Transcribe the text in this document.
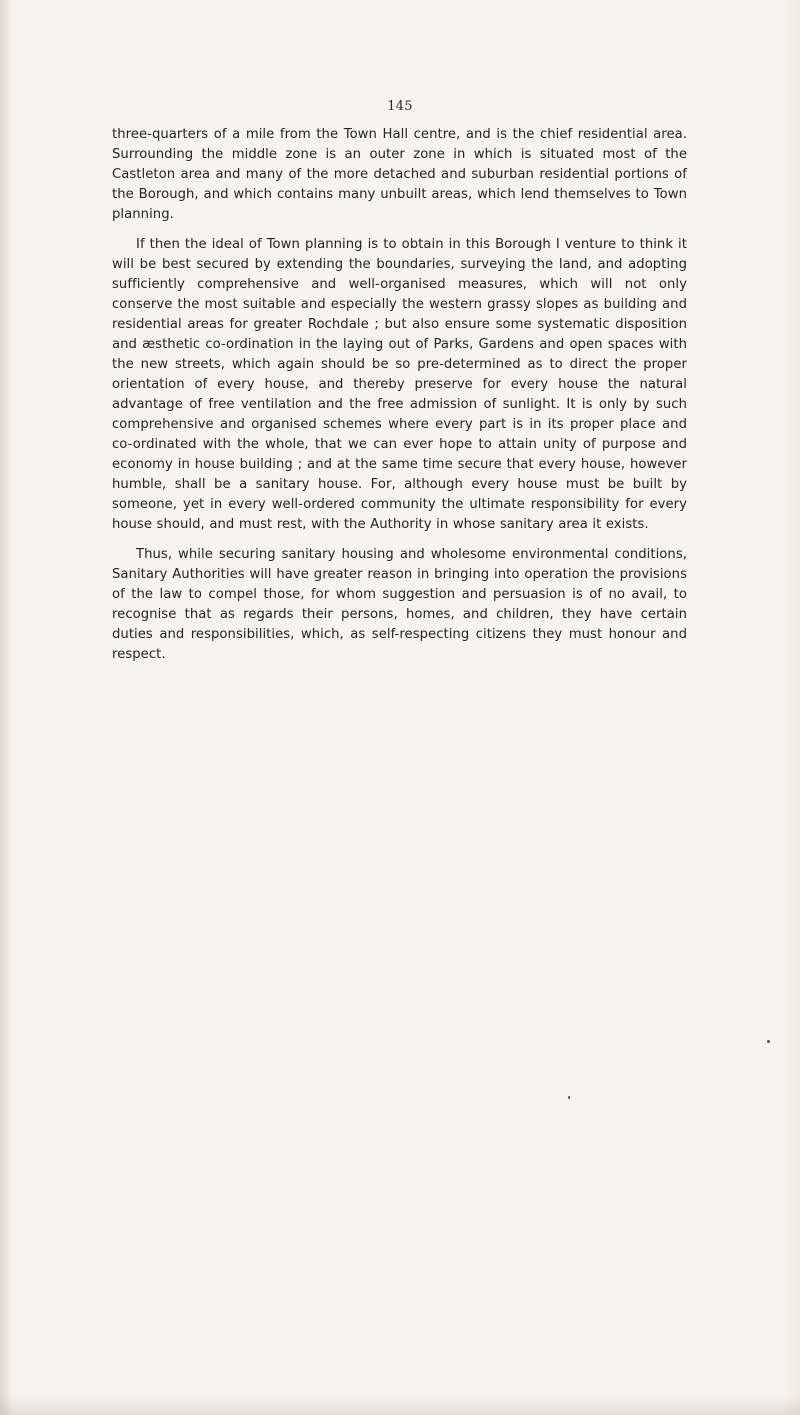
145

three-quarters of a mile from the Town Hall centre, and is the chief residential area. Surrounding the middle zone is an outer zone in which is situated most of the Castleton area and many of the more detached and suburban residential portions of the Borough, and which contains many unbuilt areas, which lend themselves to Town planning.

If then the ideal of Town planning is to obtain in this Borough I venture to think it will be best secured by extending the boundaries, surveying the land, and adopting sufficiently comprehensive and well-organised measures, which will not only conserve the most suitable and especially the western grassy slopes as building and residential areas for greater Rochdale ; but also ensure some systematic disposition and æsthetic co-ordination in the laying out of Parks, Gardens and open spaces with the new streets, which again should be so pre-determined as to direct the proper orientation of every house, and thereby preserve for every house the natural advantage of free ventilation and the free admission of sunlight. It is only by such comprehensive and organised schemes where every part is in its proper place and co-ordinated with the whole, that we can ever hope to attain unity of purpose and economy in house building ; and at the same time secure that every house, however humble, shall be a sanitary house. For, although every house must be built by someone, yet in every well-ordered community the ultimate responsibility for every house should, and must rest, with the Authority in whose sanitary area it exists.

Thus, while securing sanitary housing and wholesome environmental conditions, Sanitary Authorities will have greater reason in bringing into operation the provisions of the law to compel those, for whom suggestion and persuasion is of no avail, to recognise that as regards their persons, homes, and children, they have certain duties and responsibilities, which, as self-respecting citizens they must honour and respect.
